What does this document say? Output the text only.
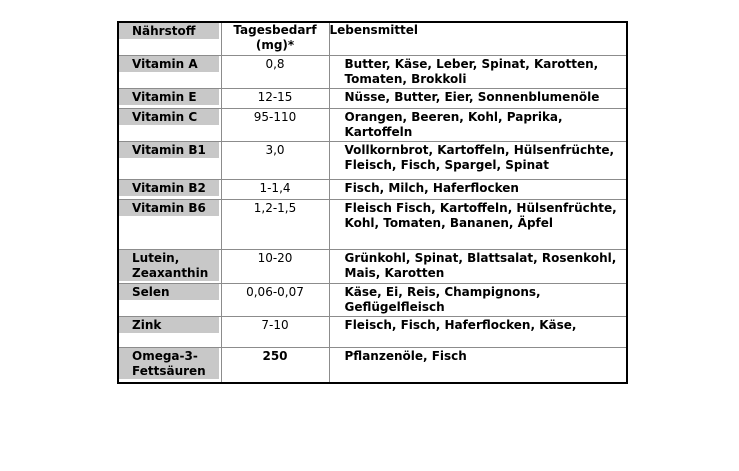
Nährstoff	Tagesbedarf (mg)*	Lebensmittel

Vitamin A	0,8	Butter, Käse, Leber, Spinat, Karotten, Tomaten, Brokkoli

Vitamin E	12-15	Nüsse, Butter, Eier, Sonnenblumenöle

Vitamin C	95-110	Orangen, Beeren, Kohl, Paprika, Kartoffeln

Vitamin B1	3,0	Vollkornbrot, Kartoffeln, Hülsenfrüchte, Fleisch, Fisch, Spargel, Spinat

Vitamin B2	1-1,4	Fisch, Milch, Haferflocken

Vitamin B6	1,2-1,5	Fleisch Fisch, Kartoffeln, Hülsenfrüchte, Kohl, Tomaten, Bananen, Äpfel

Lutein, Zeaxanthin	10-20	Grünkohl, Spinat, Blattsalat, Rosenkohl, Mais, Karotten

Selen	0,06-0,07	Käse, Ei, Reis, Champignons, Geflügelfleisch

Zink	7-10	Fleisch, Fisch, Haferflocken, Käse,

Omega-3-Fettsäuren	250	Pflanzenöle, Fisch
